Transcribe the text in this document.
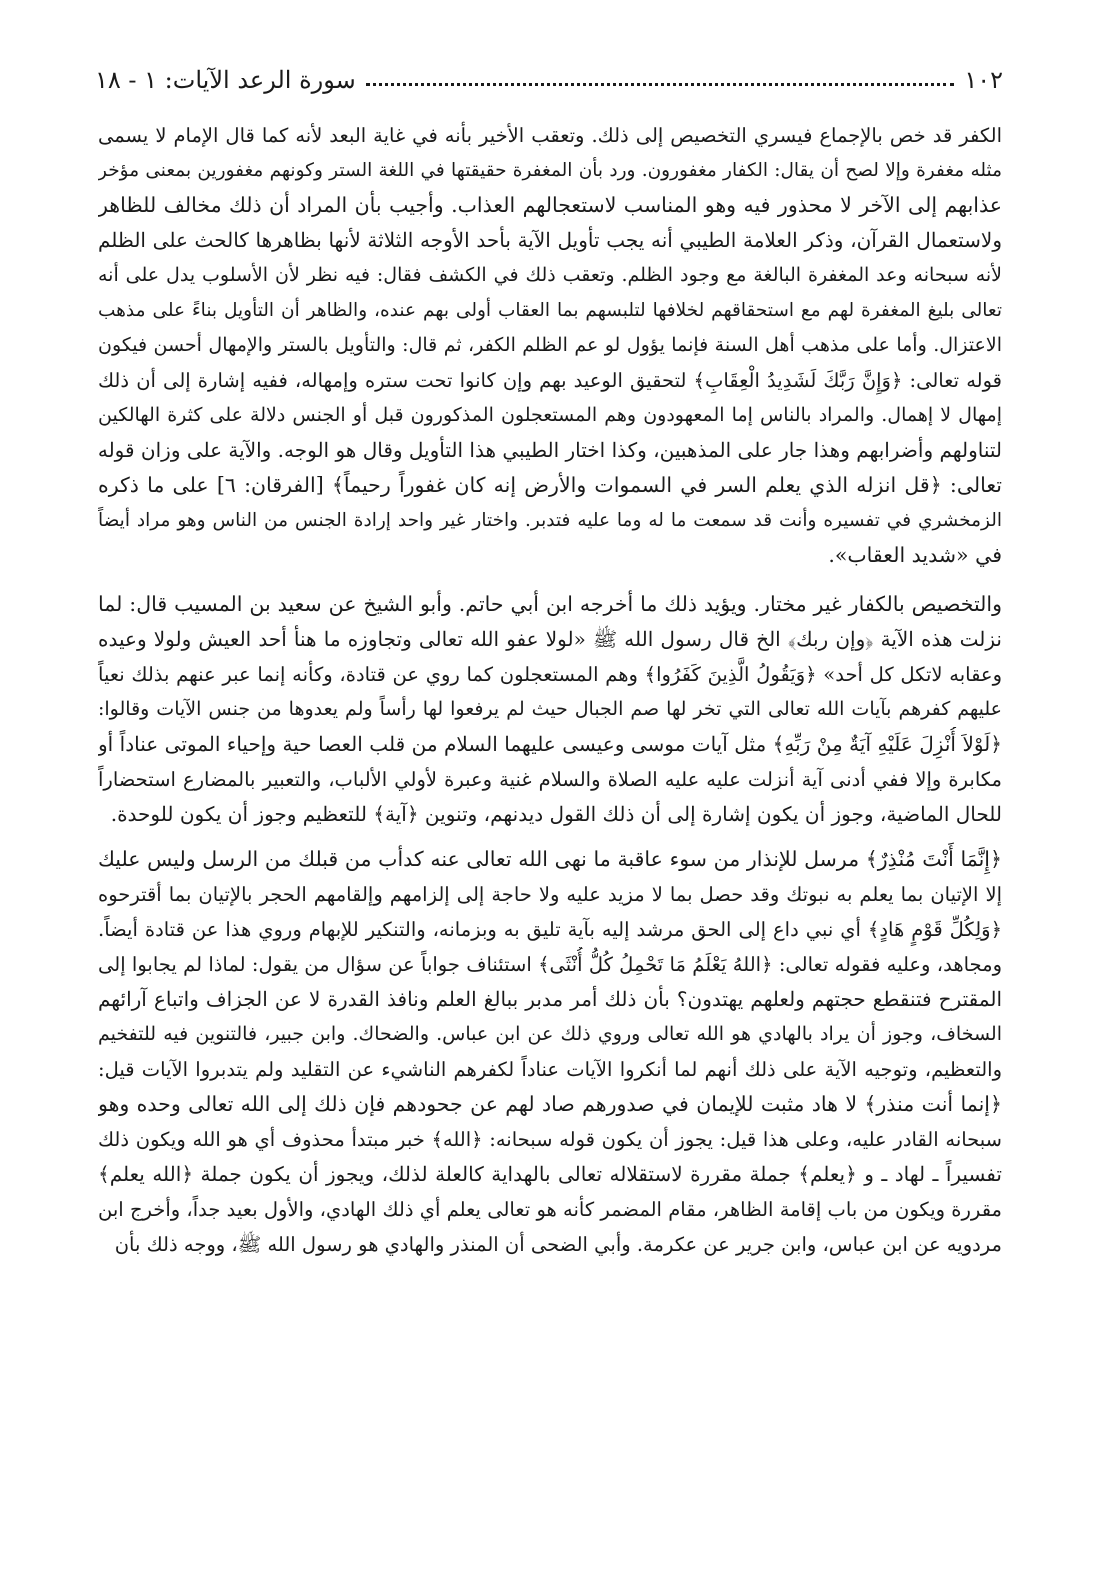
١٠٢
سورة الرعد الآيات: ١ - ١٨
الكفر قد خص بالإجماع فيسري التخصيص إلى ذلك. وتعقب الأخير بأنه في غاية البعد لأنه كما قال الإمام لا يسمى
مثله مغفرة وإلا لصح أن يقال: الكفار مغفورون. ورد بأن المغفرة حقيقتها في اللغة الستر وكونهم مغفورين بمعنى مؤخر
عذابهم إلى الآخر لا محذور فيه وهو المناسب لاستعجالهم العذاب. وأجيب بأن المراد أن ذلك مخالف للظاهر
ولاستعمال القرآن، وذكر العلامة الطيبي أنه يجب تأويل الآية بأحد الأوجه الثلاثة لأنها بظاهرها كالحث على الظلم
لأنه سبحانه وعد المغفرة البالغة مع وجود الظلم. وتعقب ذلك في الكشف فقال: فيه نظر لأن الأسلوب يدل على أنه
تعالى بليغ المغفرة لهم مع استحقاقهم لخلافها لتلبسهم بما العقاب أولى بهم عنده، والظاهر أن التأويل بناءً على مذهب
الاعتزال. وأما على مذهب أهل السنة فإنما يؤول لو عم الظلم الكفر، ثم قال: والتأويل بالستر والإمهال أحسن فيكون
قوله تعالى: ﴿وَإِنَّ رَبَّكَ لَشَدِيدُ الْعِقَابِ﴾ لتحقيق الوعيد بهم وإن كانوا تحت ستره وإمهاله، ففيه إشارة إلى أن ذلك
إمهال لا إهمال. والمراد بالناس إما المعهودون وهم المستعجلون المذكورون قبل أو الجنس دلالة على كثرة الهالكين
لتناولهم وأضرابهم وهذا جار على المذهبين، وكذا اختار الطيبي هذا التأويل وقال هو الوجه. والآية على وزان قوله
تعالى: ﴿قل انزله الذي يعلم السر في السموات والأرض إنه كان غفوراً رحيماً﴾ [الفرقان: ٦] على ما ذكره
الزمخشري في تفسيره وأنت قد سمعت ما له وما عليه فتدبر. واختار غير واحد إرادة الجنس من الناس وهو مراد أيضاً
في «شديد العقاب».
والتخصيص بالكفار غير مختار. ويؤيد ذلك ما أخرجه ابن أبي حاتم. وأبو الشيخ عن سعيد بن المسيب قال: لما
نزلت هذه الآية ﴿وإن ربك﴾ الخ قال رسول الله ﷺ «لولا عفو الله تعالى وتجاوزه ما هنأ أحد العيش ولولا وعيده
وعقابه لاتكل كل أحد» ﴿وَيَقُولُ الَّذِينَ كَفَرُوا﴾ وهم المستعجلون كما روي عن قتادة، وكأنه إنما عبر عنهم بذلك نعياً
عليهم كفرهم بآيات الله تعالى التي تخر لها صم الجبال حيث لم يرفعوا لها رأساً ولم يعدوها من جنس الآيات وقالوا:
﴿لَوْلاَ أُنْزِلَ عَلَيْهِ آيَةٌ مِنْ رَبِّهِ﴾ مثل آيات موسى وعيسى عليهما السلام من قلب العصا حية وإحياء الموتى عناداً أو
مكابرة وإلا ففي أدنى آية أنزلت عليه عليه الصلاة والسلام غنية وعبرة لأولي الألباب، والتعبير بالمضارع استحضاراً
للحال الماضية، وجوز أن يكون إشارة إلى أن ذلك القول ديدنهم، وتنوين ﴿آية﴾ للتعظيم وجوز أن يكون للوحدة.
﴿إِنَّمَا أَنْتَ مُنْذِرٌ﴾ مرسل للإنذار من سوء عاقبة ما نهى الله تعالى عنه كدأب من قبلك من الرسل وليس عليك
إلا الإتيان بما يعلم به نبوتك وقد حصل بما لا مزيد عليه ولا حاجة إلى إلزامهم وإلقامهم الحجر بالإتيان بما أقترحوه
﴿وَلِكُلِّ قَوْمٍ هَادٍ﴾ أي نبي داع إلى الحق مرشد إليه بآية تليق به وبزمانه، والتنكير للإبهام وروي هذا عن قتادة أيضاً.
ومجاهد، وعليه فقوله تعالى: ﴿اللهُ يَعْلَمُ مَا تَحْمِلُ كُلُّ أُنْثَى﴾ استئناف جواباً عن سؤال من يقول: لماذا لم يجابوا إلى
المقترح فتنقطع حجتهم ولعلهم يهتدون؟ بأن ذلك أمر مدبر ببالغ العلم ونافذ القدرة لا عن الجزاف واتباع آرائهم
السخاف، وجوز أن يراد بالهادي هو الله تعالى وروي ذلك عن ابن عباس. والضحاك. وابن جبير، فالتنوين فيه للتفخيم
والتعظيم، وتوجيه الآية على ذلك أنهم لما أنكروا الآيات عناداً لكفرهم الناشيء عن التقليد ولم يتدبروا الآيات قيل:
﴿إنما أنت منذر﴾ لا هاد مثبت للإيمان في صدورهم صاد لهم عن جحودهم فإن ذلك إلى الله تعالى وحده وهو
سبحانه القادر عليه، وعلى هذا قيل: يجوز أن يكون قوله سبحانه: ﴿الله﴾ خبر مبتدأ محذوف أي هو الله ويكون ذلك
تفسيراً ـ لهاد ـ و ﴿يعلم﴾ جملة مقررة لاستقلاله تعالى بالهداية كالعلة لذلك، ويجوز أن يكون جملة ﴿الله يعلم﴾
مقررة ويكون من باب إقامة الظاهر، مقام المضمر كأنه هو تعالى يعلم أي ذلك الهادي، والأول بعيد جداً، وأخرج ابن
مردويه عن ابن عباس، وابن جرير عن عكرمة. وأبي الضحى أن المنذر والهادي هو رسول الله ﷺ، ووجه ذلك بأن
